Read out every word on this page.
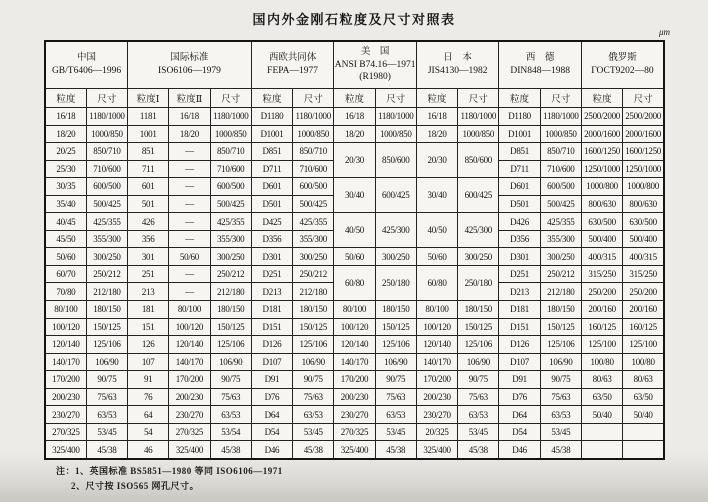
国内外金刚石粒度及尺寸对照表
μm
中国
GB/T6406—1996

国际标准
ISO6106—1979

西欧共同体
FEPA—1977

美　国
ANSI B74.16—1971
(R1980)

日　本
JIS4130—1982

西　德
DIN848—1988

俄罗斯
ГОСТ9202—80

粒度	尺寸	粒度Ⅰ	粒度Ⅱ	尺寸	粒度	尺寸	粒度	尺寸	粒度	尺寸	粒度	尺寸	粒度	尺寸
16/18	1180/1000	1181	16/18	1180/1000	D1180	1180/1000	16/18	1180/1000	16/18	1180/1000	D1180	1180/1000	2500/2000	2500/2000
18/20	1000/850	1001	18/20	1000/850	D1001	1000/850	18/20	1000/850	18/20	1000/850	D1001	1000/850	2000/1600	2000/1600
20/25	850/710	851	—	850/710	D851	850/710	20/30	850/600	20/30	850/600	D851	850/710	1600/1250	1600/1250
25/30	710/600	711	—	710/600	D711	710/600					D711	710/600	1250/1000	1250/1000
30/35	600/500	601	—	600/500	D601	600/500	30/40	600/425	30/40	600/425	D601	600/500	1000/800	1000/800
35/40	500/425	501	—	500/425	D501	500/425					D501	500/425	800/630	800/630
40/45	425/355	426	—	425/355	D425	425/355	40/50	425/300	40/50	425/300	D426	425/355	630/500	630/500
45/50	355/300	356	—	355/300	D356	355/300					D356	355/300	500/400	500/400
50/60	300/250	301	50/60	300/250	D301	300/250	50/60	300/250	50/60	300/250	D301	300/250	400/315	400/315
60/70	250/212	251	—	250/212	D251	250/212	60/80	250/180	60/80	250/180	D251	250/212	315/250	315/250
70/80	212/180	213	—	212/180	D213	212/180					D213	212/180	250/200	250/200
80/100	180/150	181	80/100	180/150	D181	180/150	80/100	180/150	80/100	180/150	D181	180/150	200/160	200/160
100/120	150/125	151	100/120	150/125	D151	150/125	100/120	150/125	100/120	150/125	D151	150/125	160/125	160/125
120/140	125/106	126	120/140	125/106	D126	125/106	120/140	125/106	120/140	125/106	D126	125/106	125/100	125/100
140/170	106/90	107	140/170	106/90	D107	106/90	140/170	106/90	140/170	106/90	D107	106/90	100/80	100/80
170/200	90/75	91	170/200	90/75	D91	90/75	170/200	90/75	170/200	90/75	D91	90/75	80/63	80/63
200/230	75/63	76	200/230	75/63	D76	75/63	200/230	75/63	200/230	75/63	D76	75/63	63/50	63/50
230/270	63/53	64	230/270	63/53	D64	63/53	230/270	63/53	230/270	63/53	D64	63/53	50/40	50/40
270/325	53/45	54	270/325	53/54	D54	53/45	270/325	53/45	20/325	53/45	D54	53/45		
325/400	45/38	46	325/400	45/38	D46	45/38	325/400	45/38	325/400	45/38	D46	45/38		
注：1、英国标准 BS5851—1980 等同 ISO6106—1971
2、尺寸按 ISO565 网孔尺寸。
